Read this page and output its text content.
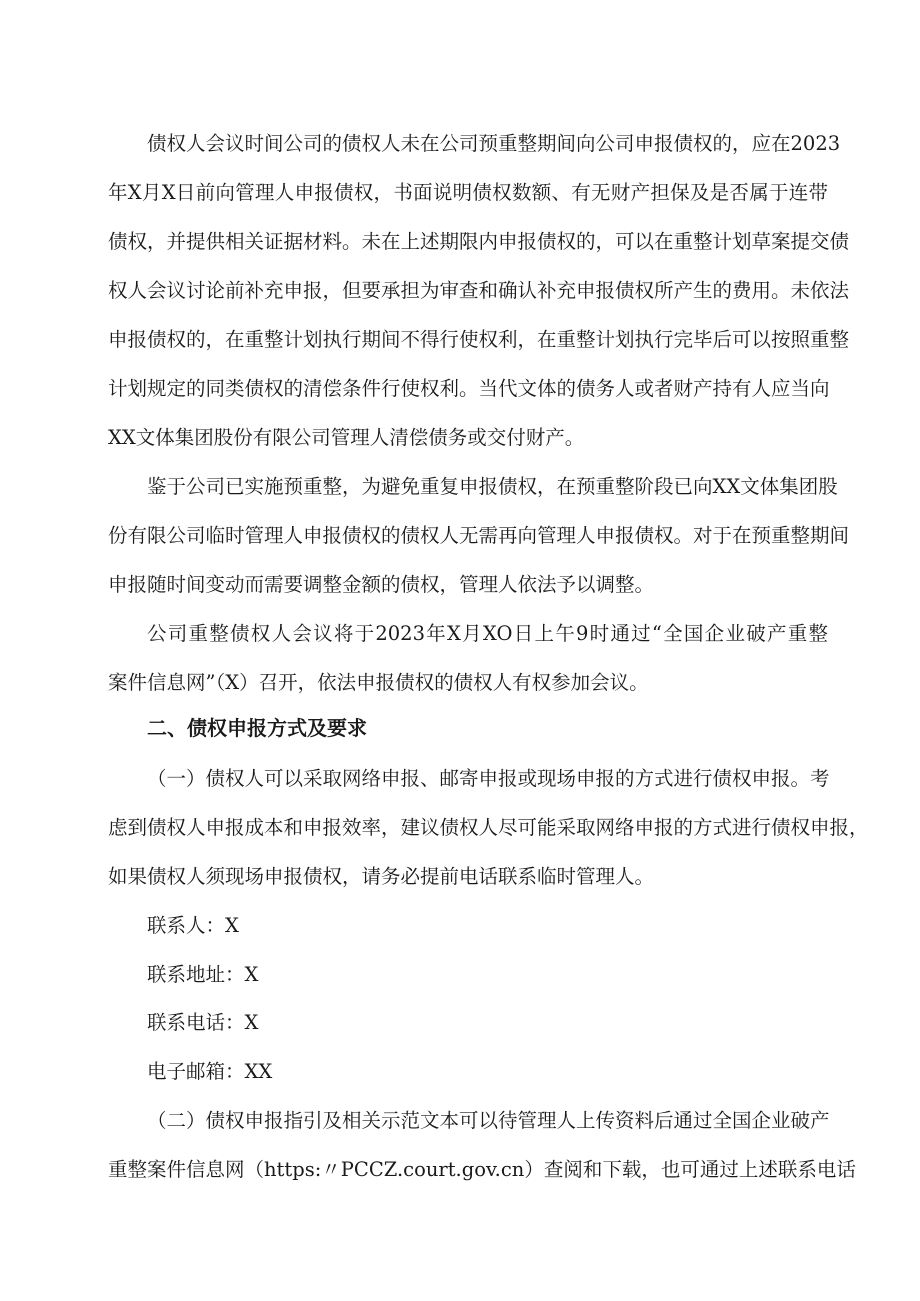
债权人会议时间公司的债权人未在公司预重整期间向公司申报债权的，应在2023
年X月X日前向管理人申报债权，书面说明债权数额、有无财产担保及是否属于连带
债权，并提供相关证据材料。未在上述期限内申报债权的，可以在重整计划草案提交债
权人会议讨论前补充申报，但要承担为审查和确认补充申报债权所产生的费用。未依法
申报债权的，在重整计划执行期间不得行使权利，在重整计划执行完毕后可以按照重整
计划规定的同类债权的清偿条件行使权利。当代文体的债务人或者财产持有人应当向
XX文体集团股份有限公司管理人清偿债务或交付财产。
鉴于公司已实施预重整，为避免重复申报债权，在预重整阶段已向XX文体集团股
份有限公司临时管理人申报债权的债权人无需再向管理人申报债权。对于在预重整期间
申报随时间变动而需要调整金额的债权，管理人依法予以调整。
公司重整债权人会议将于2023年X月XO日上午9时通过“全国企业破产重整
案件信息网”（X）召开，依法申报债权的债权人有权参加会议。
二、债权申报方式及要求
（一）债权人可以采取网络申报、邮寄申报或现场申报的方式进行债权申报。考
虑到债权人申报成本和申报效率，建议债权人尽可能采取网络申报的方式进行债权申报，
如果债权人须现场申报债权，请务必提前电话联系临时管理人。
联系人：X
联系地址：X
联系电话：X
电子邮箱：XX
（二）债权申报指引及相关示范文本可以待管理人上传资料后通过全国企业破产
重整案件信息网（https:〃PCCZ.court.gov.cn）查阅和下载，也可通过上述联系电话
